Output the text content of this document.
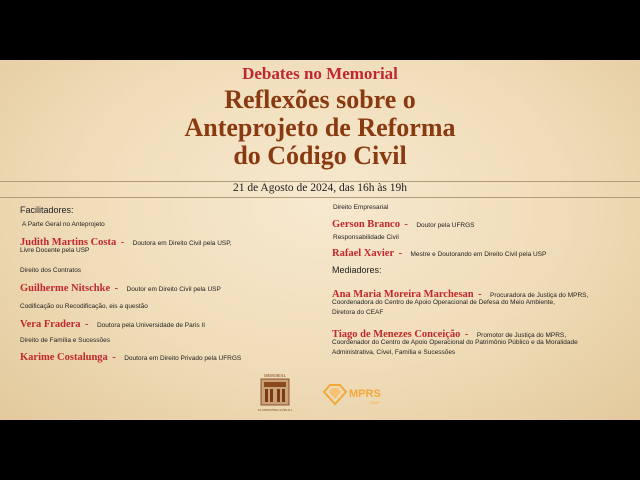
Debates no Memorial
Reflexões sobre o
Anteprojeto de Reforma
do Código Civil
21 de Agosto de 2024, das 16h às 19h
Facilitadores:
A Parte Geral no Anteprojeto
Judith Martins Costa - Doutora em Direito Civil pela USP,
Livre Docente pela USP
Direito dos Contratos
Guilherme Nitschke - Doutor em Direito Civil pela USP
Codificação ou Recodificação, eis a questão
Vera Fradera - Doutora pela Universidade de Paris II
Direito de Família e Sucessões
Karime Costalunga - Doutora em Direito Privado pela UFRGS
Direito Empresarial
Gerson Branco - Doutor pela UFRGS
Responsabilidade Civil
Rafael Xavier - Mestre e Doutorando em Direito Civil pela USP
Mediadores:
Ana Maria Moreira Marchesan - Procuradora de Justiça do MPRS,
Coordenadora do Centro de Apoio Operacional de Defesa do Meio Ambiente,
Diretora do CEAF
Tiago de Menezes Conceição - Promotor de Justiça do MPRS,
Coordenador do Centro de Apoio Operacional do Patrimônio Público e da Moralidade
Administrativa, Cível, Família e Sucessões
MEMORIAL
DO MINISTÉRIO PÚBLICO
MPRS
CEAF
